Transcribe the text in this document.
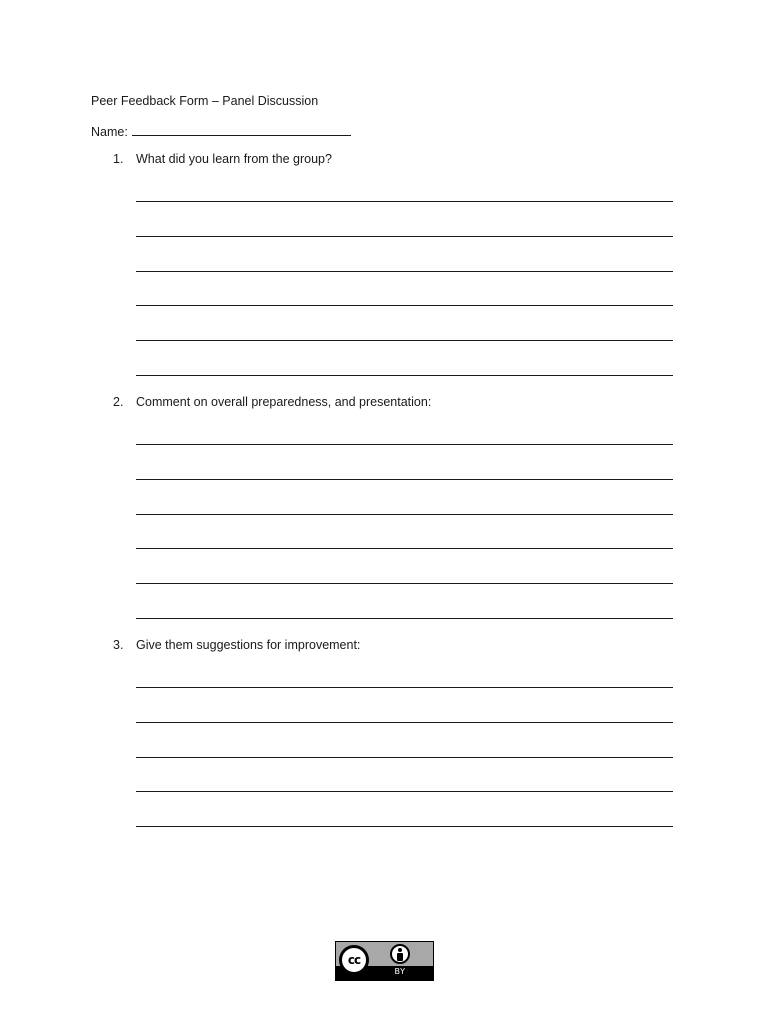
Peer Feedback Form – Panel Discussion
Name:
1. What did you learn from the group?
2. Comment on overall preparedness, and presentation:
3. Give them suggestions for improvement:
cc
BY
